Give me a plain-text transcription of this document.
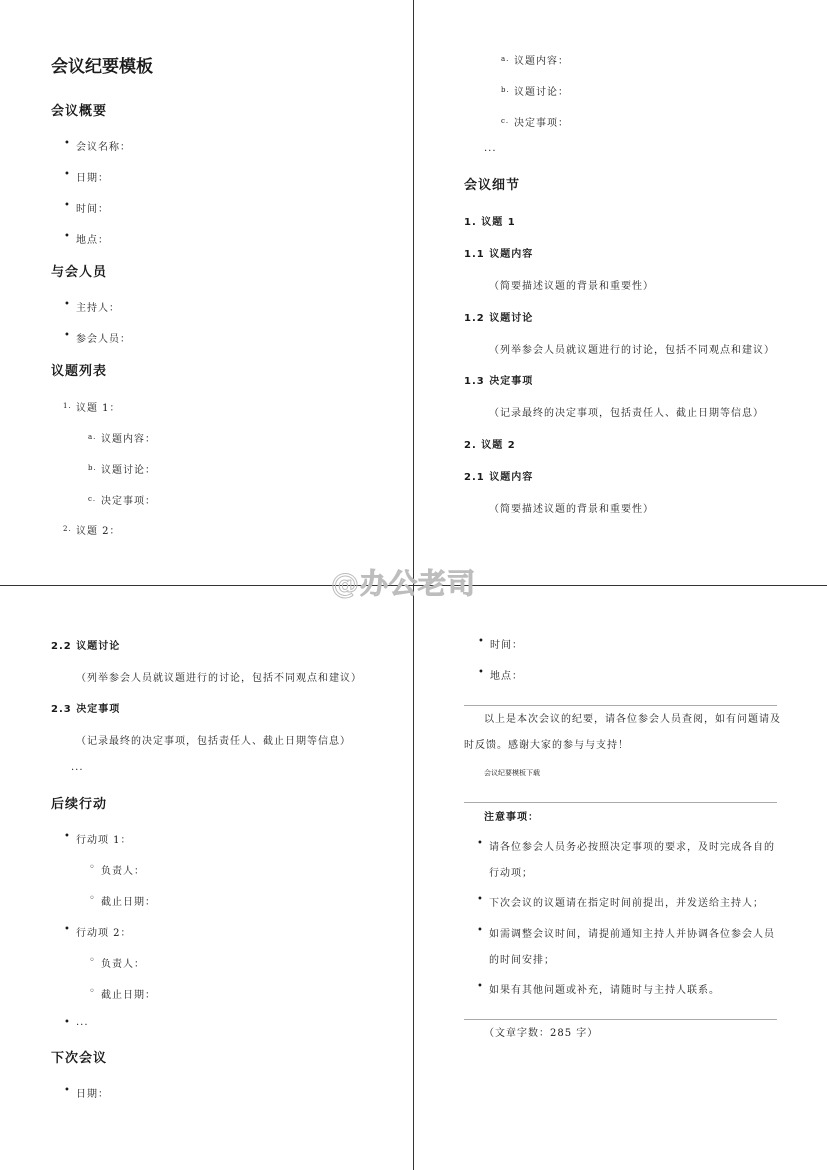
会议纪要模板
会议概要
• 会议名称：
• 日期：
• 时间：
• 地点：
与会人员
• 主持人：
• 参会人员：
议题列表
1. 议题 1：
a. 议题内容：
b. 议题讨论：
c. 决定事项：
2. 议题 2：
a. 议题内容：
b. 议题讨论：
c. 决定事项：
...
会议细节
1. 议题 1
1.1 议题内容
（简要描述议题的背景和重要性）
1.2 议题讨论
（列举参会人员就议题进行的讨论，包括不同观点和建议）
1.3 决定事项
（记录最终的决定事项，包括责任人、截止日期等信息）
2. 议题 2
2.1 议题内容
（简要描述议题的背景和重要性）
2.2 议题讨论
（列举参会人员就议题进行的讨论，包括不同观点和建议）
2.3 决定事项
（记录最终的决定事项，包括责任人、截止日期等信息）
...
后续行动
• 行动项 1：
◦ 负责人：
◦ 截止日期：
• 行动项 2：
◦ 负责人：
◦ 截止日期：
• ...
下次会议
• 日期：
• 时间：
• 地点：
以上是本次会议的纪要，请各位参会人员查阅，如有问题请及
时反馈。感谢大家的参与与支持！
会议纪要模板下载
注意事项：
• 请各位参会人员务必按照决定事项的要求，及时完成各自的
行动项；
• 下次会议的议题请在指定时间前提出，并发送给主持人；
• 如需调整会议时间，请提前通知主持人并协调各位参会人员
的时间安排；
• 如果有其他问题或补充，请随时与主持人联系。
（文章字数：285 字）
@办公老司
